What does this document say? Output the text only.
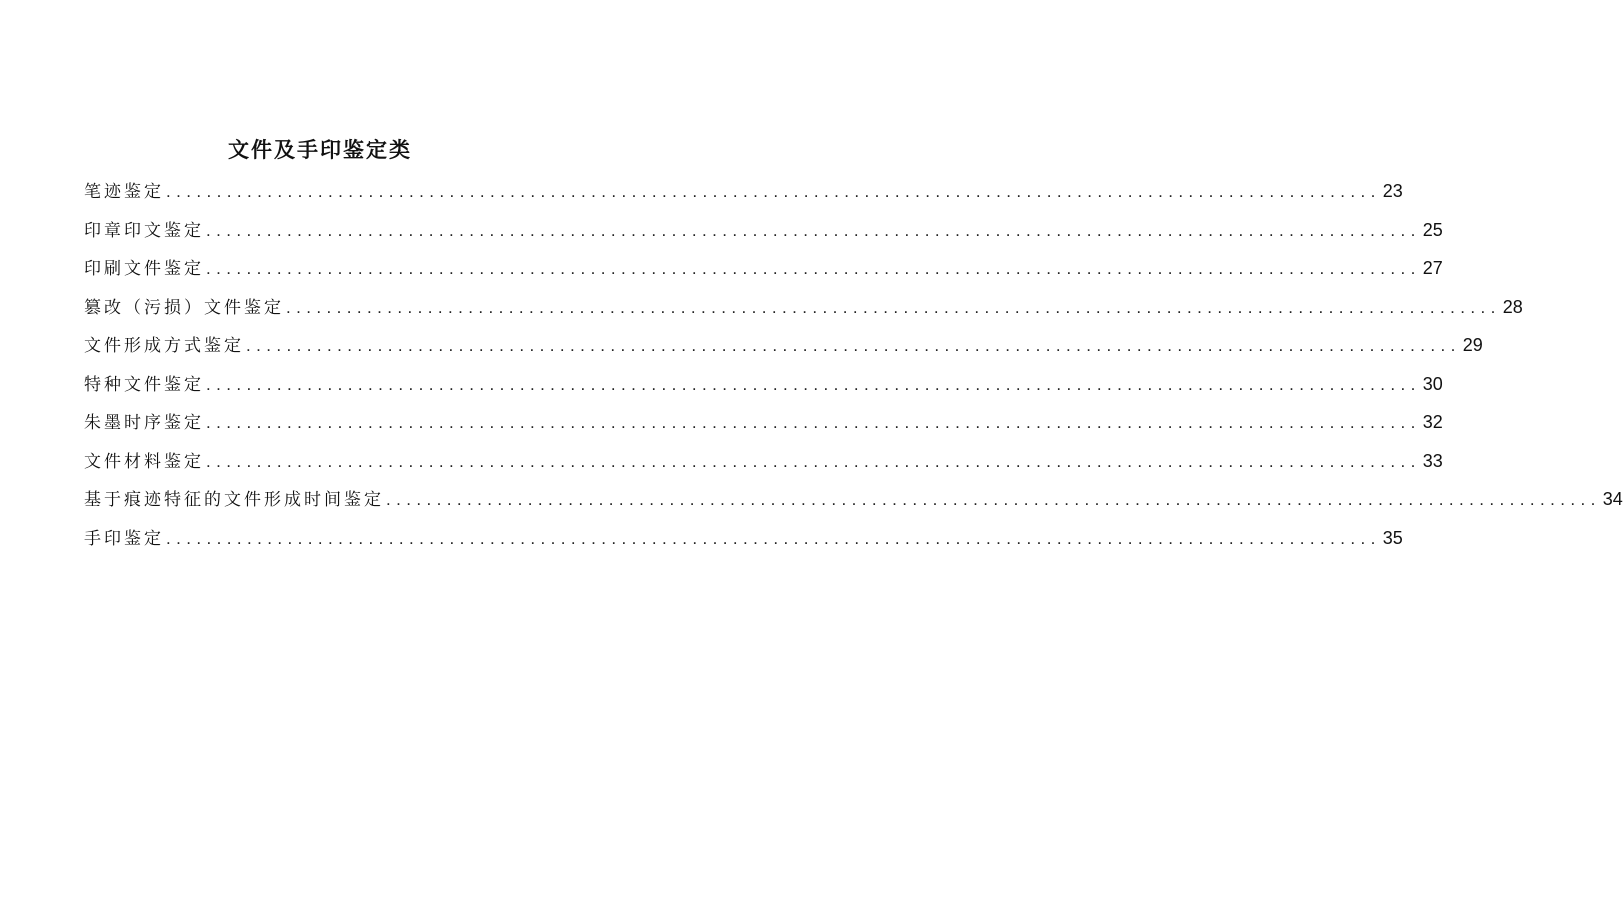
文件及手印鉴定类
笔迹鉴定 ........................................................................................................................ 23
印章印文鉴定 ........................................................................................................................ 25
印刷文件鉴定 ........................................................................................................................ 27
篡改（污损）文件鉴定 ........................................................................................................................ 28
文件形成方式鉴定 ........................................................................................................................ 29
特种文件鉴定 ........................................................................................................................ 30
朱墨时序鉴定 ........................................................................................................................ 32
文件材料鉴定 ........................................................................................................................ 33
基于痕迹特征的文件形成时间鉴定 ........................................................................................................................ 34
手印鉴定 ........................................................................................................................ 35
